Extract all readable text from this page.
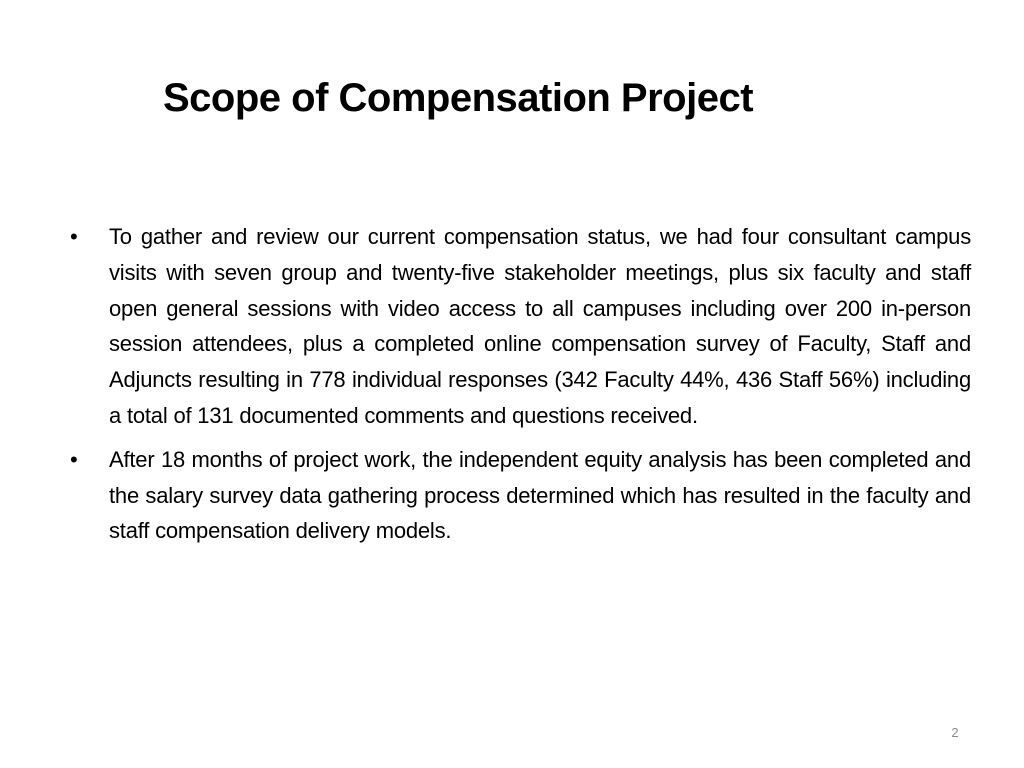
Scope of Compensation Project
• To gather and review our current compensation status, we had four consultant campus visits with seven group and twenty-five stakeholder meetings, plus six faculty and staff open general sessions with video access to all campuses including over 200 in-person session attendees, plus a completed online compensation survey of Faculty, Staff and Adjuncts resulting in 778 individual responses (342 Faculty 44%, 436 Staff 56%) including a total of 131 documented comments and questions received.
• After 18 months of project work, the independent equity analysis has been completed and the salary survey data gathering process determined which has resulted in the faculty and staff compensation delivery models.
2
